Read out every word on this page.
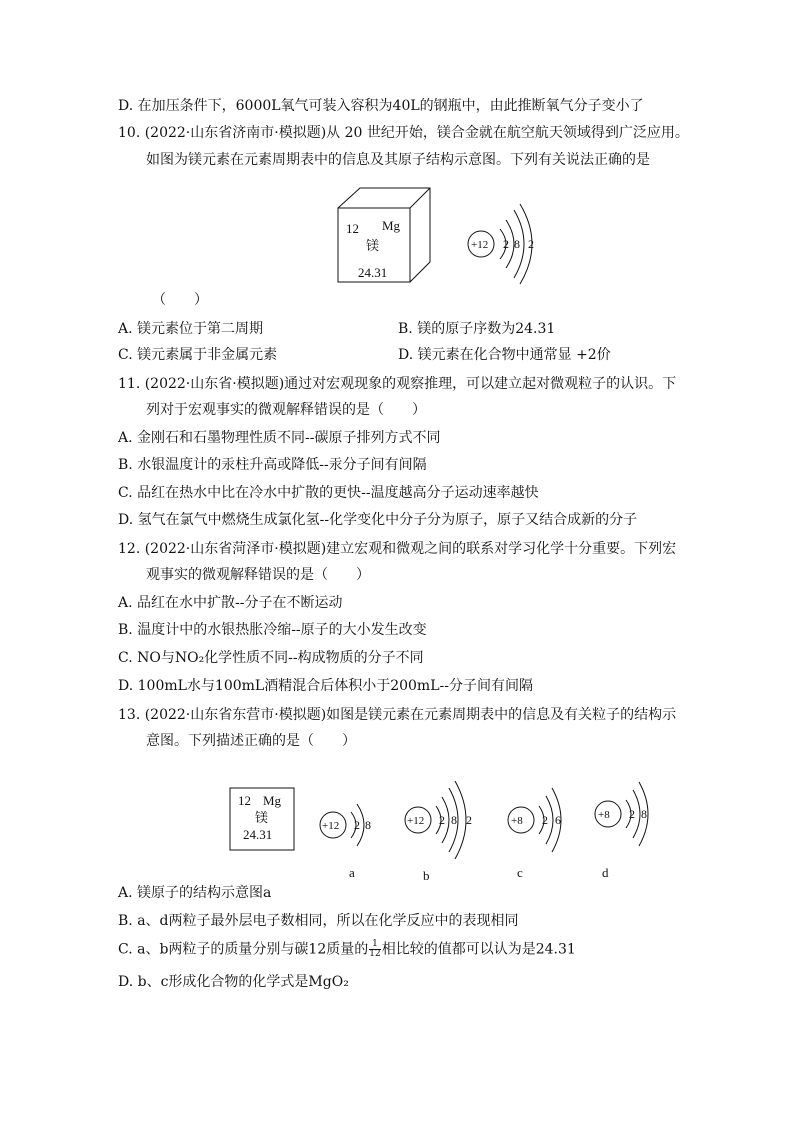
D. 在加压条件下，6000L氧气可装入容积为40L的钢瓶中，由此推断氧气分子变小了
10. (2022·山东省济南市·模拟题)从 20 世纪开始，镁合金就在航空航天领域得到广泛应用。
如图为镁元素在元素周期表中的信息及其原子结构示意图。下列有关说法正确的是
12 Mg
镁
24.31
+12 2 8 2
（　　）
A. 镁元素位于第二周期	B. 镁的原子序数为24.31
C. 镁元素属于非金属元素	D. 镁元素在化合物中通常显 +2价
11. (2022·山东省·模拟题)通过对宏观现象的观察推理，可以建立起对微观粒子的认识。下
列对于宏观事实的微观解释错误的是（　　）
A. 金刚石和石墨物理性质不同--碳原子排列方式不同
B. 水银温度计的汞柱升高或降低--汞分子间有间隔
C. 品红在热水中比在冷水中扩散的更快--温度越高分子运动速率越快
D. 氢气在氯气中燃烧生成氯化氢--化学变化中分子分为原子，原子又结合成新的分子
12. (2022·山东省菏泽市·模拟题)建立宏观和微观之间的联系对学习化学十分重要。下列宏
观事实的微观解释错误的是（　　）
A. 品红在水中扩散--分子在不断运动
B. 温度计中的水银热胀冷缩--原子的大小发生改变
C. NO与NO₂化学性质不同--构成物质的分子不同
D. 100mL水与100mL酒精混合后体积小于200mL--分子间有间隔
13. (2022·山东省东营市·模拟题)如图是镁元素在元素周期表中的信息及有关粒子的结构示
意图。下列描述正确的是（　　）
12 Mg
镁
24.31
+12 2 8
a
+12 2 8 2
b
+8 2 6
c
+8 2 8
d
A. 镁原子的结构示意图a
B. a、d两粒子最外层电子数相同，所以在化学反应中的表现相同
C. a、b两粒子的质量分别与碳12质量的 $\frac{1}{12}$ 相比较的值都可以认为是24.31
D. b、c形成化合物的化学式是MgO₂
